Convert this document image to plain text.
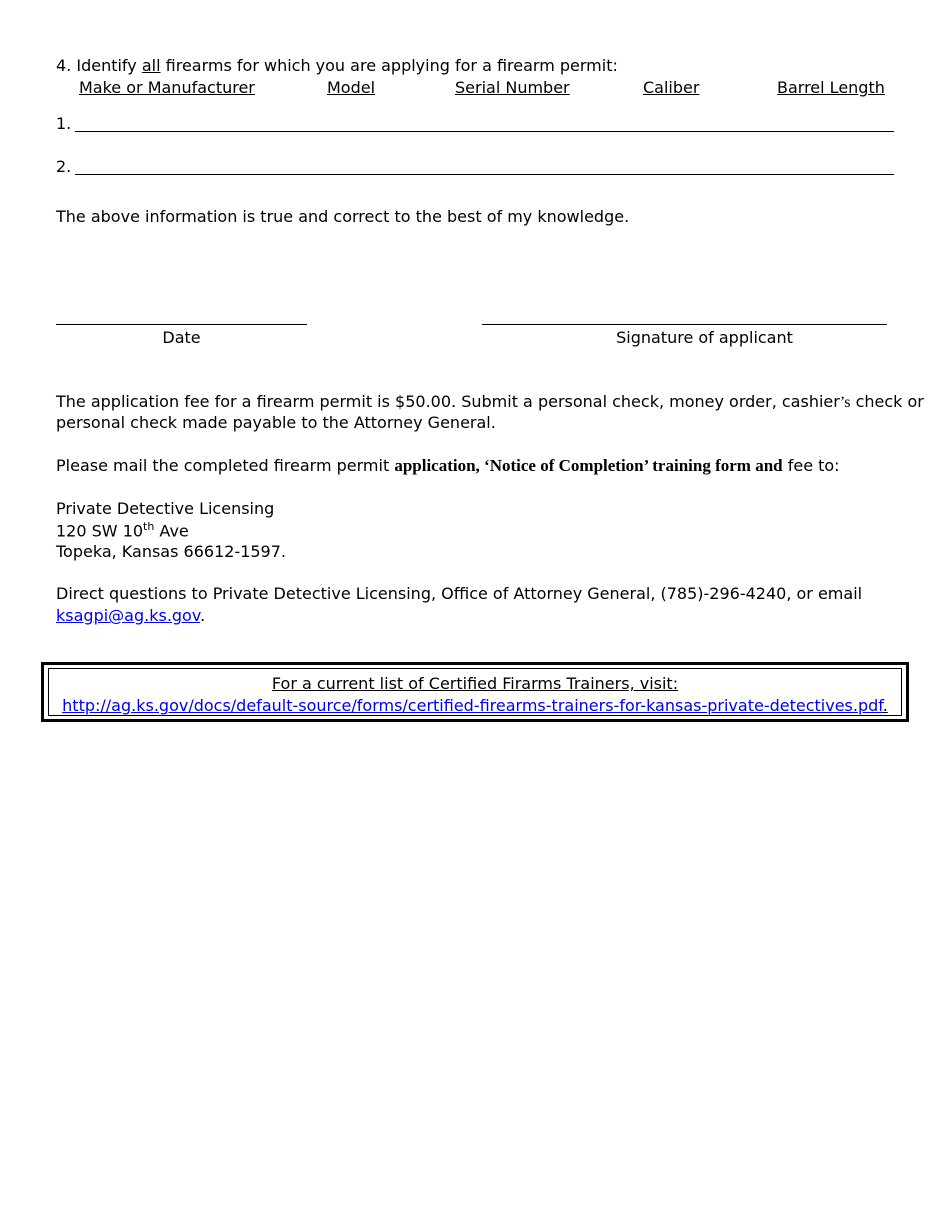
4. Identify all firearms for which you are applying for a firearm permit:
Make or Manufacturer	Model	Serial Number	Caliber	Barrel Length
1.
2.
The above information is true and correct to the best of my knowledge.
Date	Signature of applicant
The application fee for a firearm permit is $50.00. Submit a personal check, money order, cashier’s check or
personal check made payable to the Attorney General.
Please mail the completed firearm permit application, ‘Notice of Completion’ training form and fee to:
Private Detective Licensing
120 SW 10th Ave
Topeka, Kansas 66612-1597.
Direct questions to Private Detective Licensing, Office of Attorney General, (785)-296-4240, or email
ksagpi@ag.ks.gov.
For a current list of Certified Firarms Trainers, visit:
http://ag.ks.gov/docs/default-source/forms/certified-firearms-trainers-for-kansas-private-detectives.pdf.
